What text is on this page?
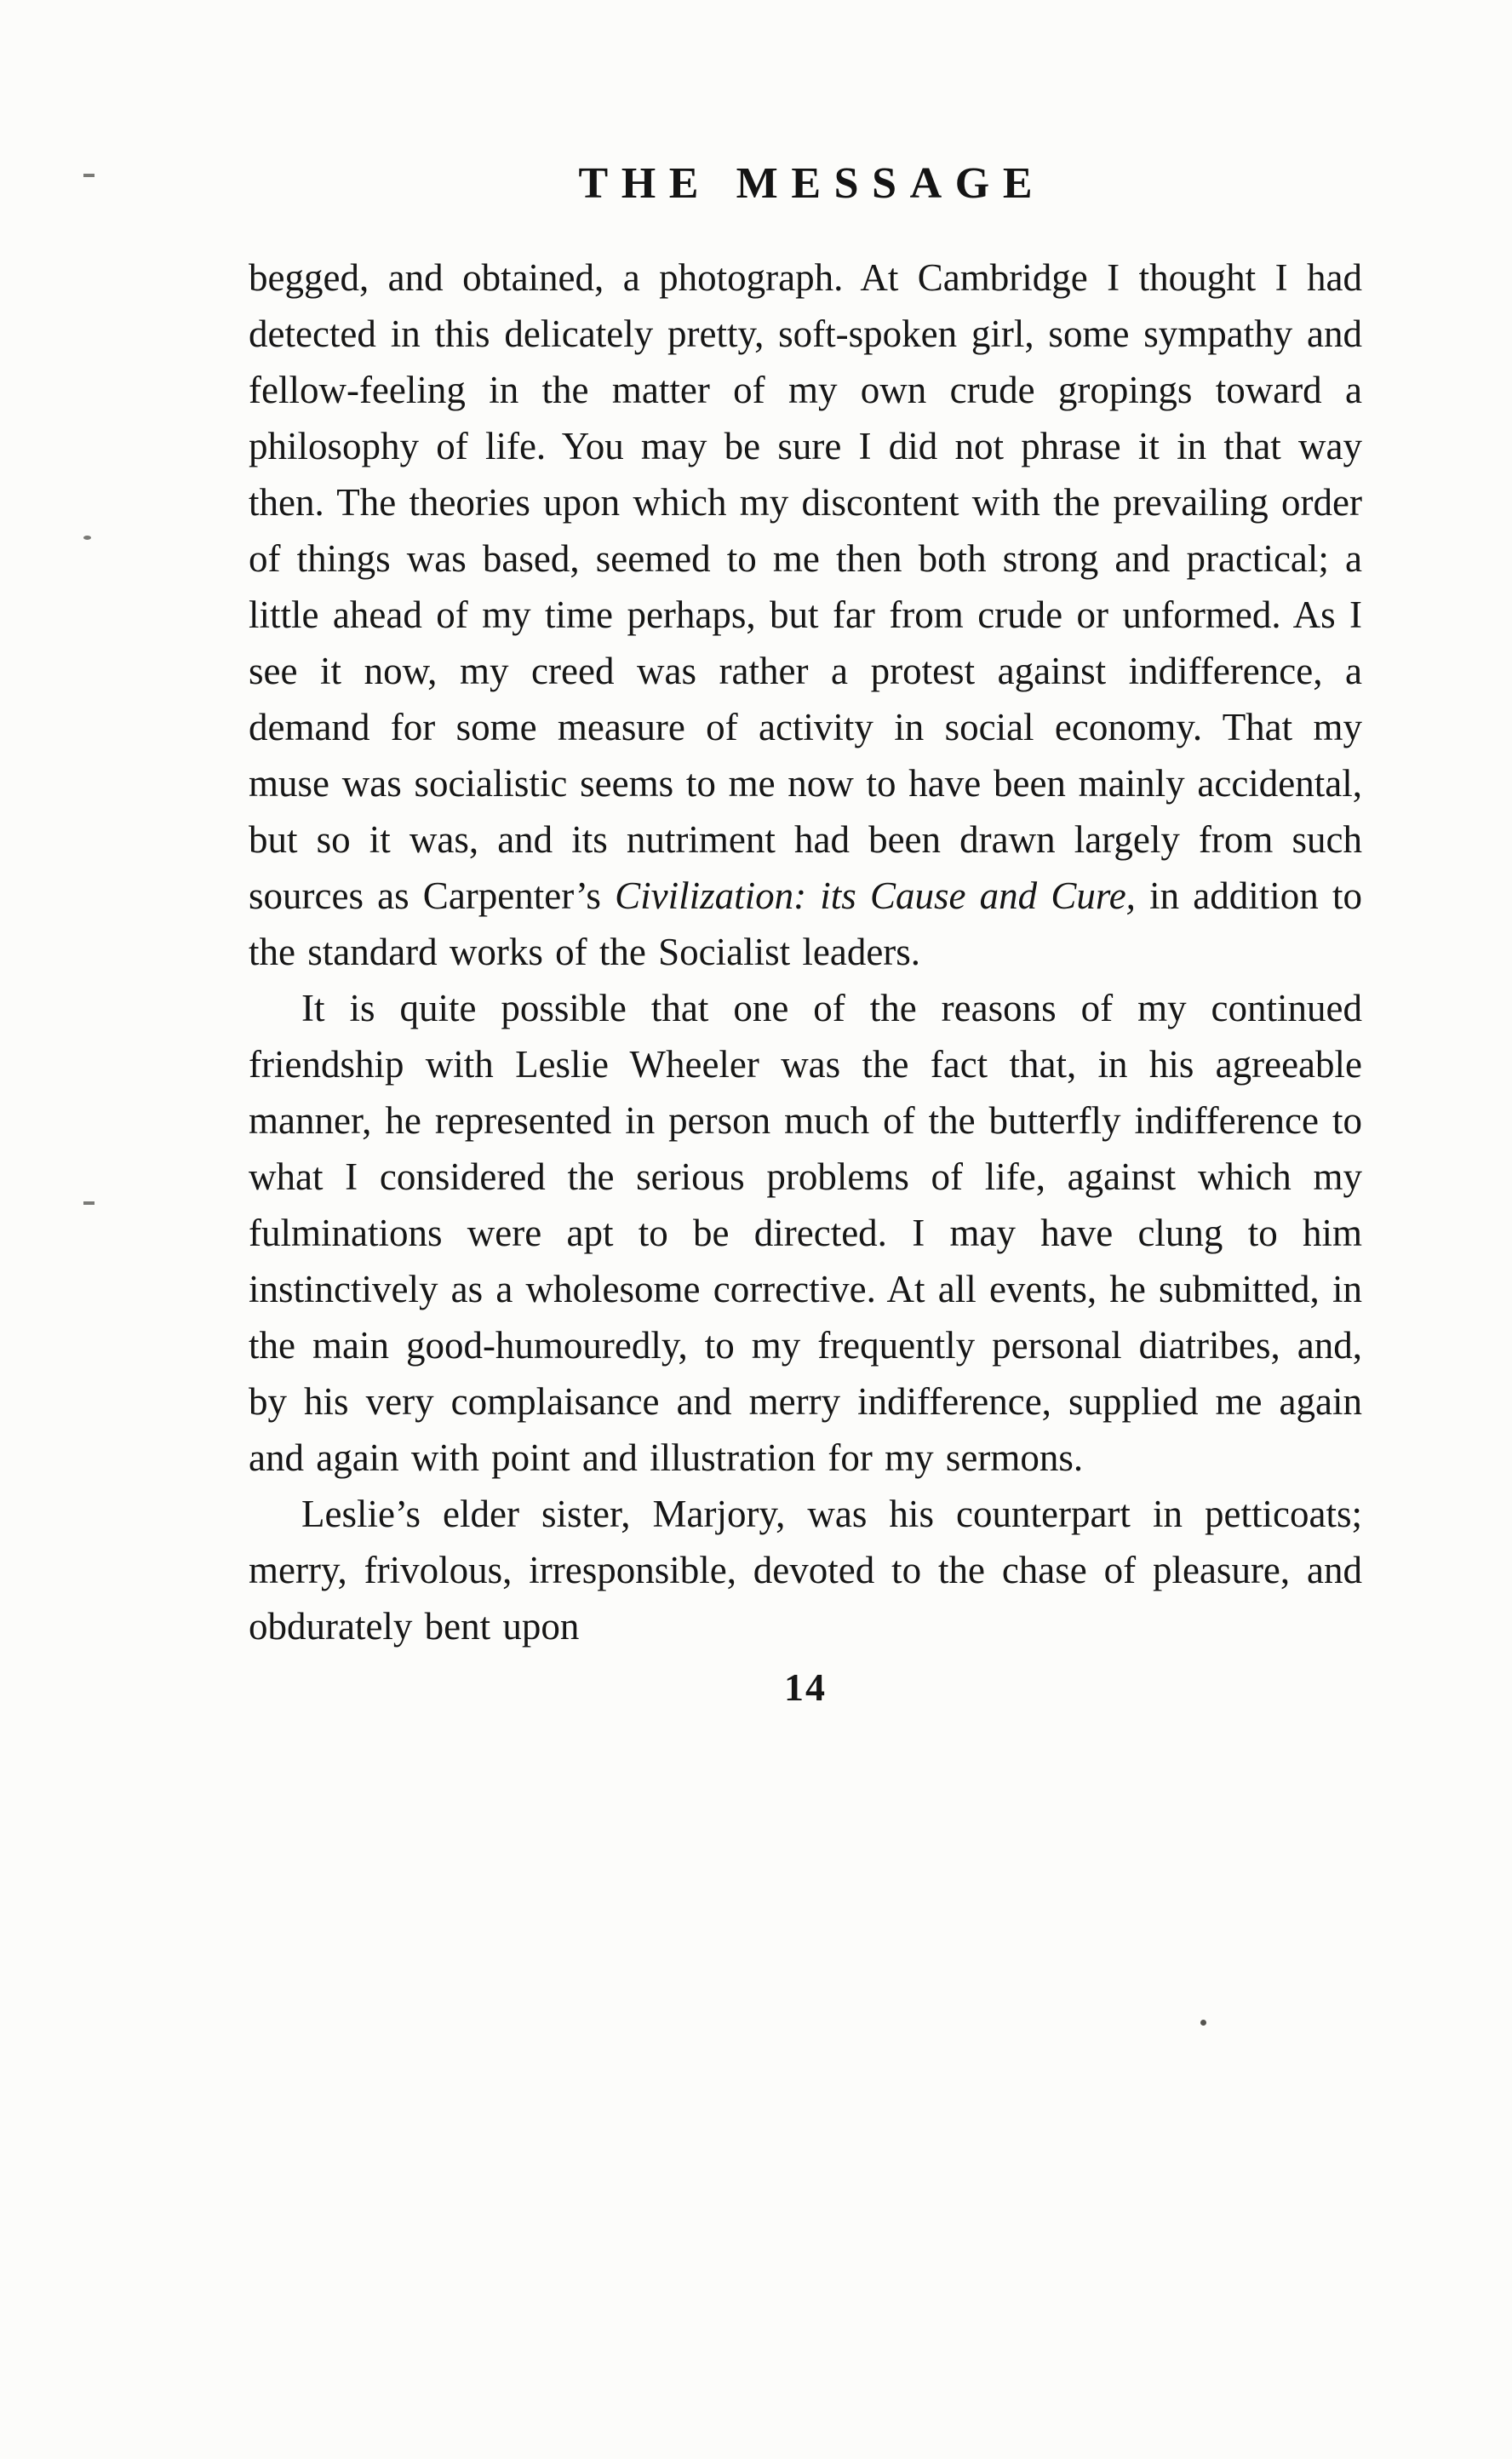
THE MESSAGE

begged, and obtained, a photograph. At Cambridge I thought I had detected in this delicately pretty, soft-spoken girl, some sympathy and fellow-feeling in the matter of my own crude gropings toward a philosophy of life. You may be sure I did not phrase it in that way then. The theories upon which my discontent with the prevailing order of things was based, seemed to me then both strong and practical; a little ahead of my time perhaps, but far from crude or unformed. As I see it now, my creed was rather a protest against indifference, a demand for some measure of activity in social economy. That my muse was socialistic seems to me now to have been mainly accidental, but so it was, and its nutriment had been drawn largely from such sources as Carpenter’s Civilization: its Cause and Cure, in addition to the standard works of the Socialist leaders.

It is quite possible that one of the reasons of my continued friendship with Leslie Wheeler was the fact that, in his agreeable manner, he represented in person much of the butterfly indifference to what I considered the serious problems of life, against which my fulminations were apt to be directed. I may have clung to him instinctively as a wholesome corrective. At all events, he submitted, in the main good-humouredly, to my frequently personal diatribes, and, by his very complaisance and merry indifference, supplied me again and again with point and illustration for my sermons.

Leslie’s elder sister, Marjory, was his counterpart in petticoats; merry, frivolous, irresponsible, devoted to the chase of pleasure, and obdurately bent upon

14
